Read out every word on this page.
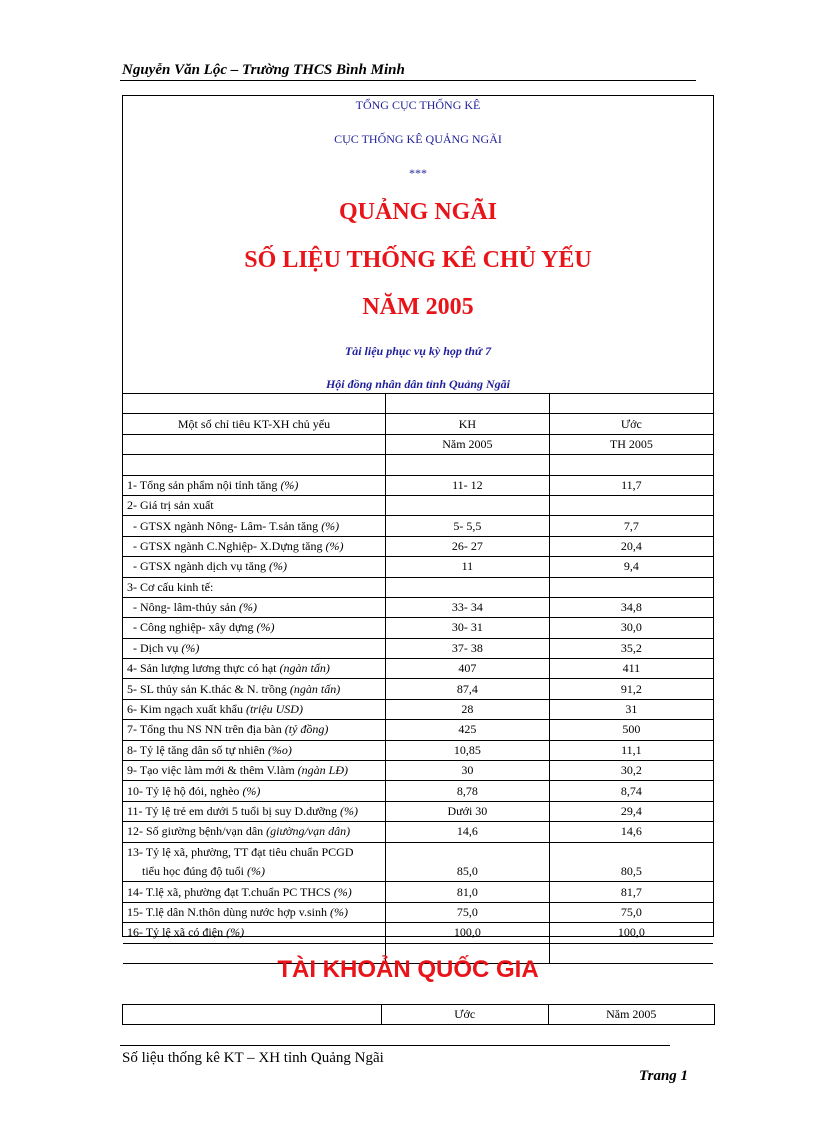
Nguyễn Văn Lộc – Trường THCS Bình Minh
TỔNG CỤC THỐNG KÊ
CỤC THỐNG KÊ QUẢNG NGÃI
***
QUẢNG NGÃI
SỐ LIỆU THỐNG KÊ CHỦ YẾU
NĂM 2005
Tài liệu phục vụ kỳ họp thứ 7
Hội đồng nhân dân tỉnh Quảng Ngãi

Một số chỉ tiêu KT-XH chủ yếu	KH	Ước
	Năm 2005	TH 2005

1- Tổng sản phẩm nội tỉnh tăng (%)	11- 12	11,7
2- Giá trị sản xuất		
- GTSX ngành Nông- Lâm- T.sản tăng (%)	5- 5,5	7,7
- GTSX ngành C.Nghiệp- X.Dựng tăng (%)	26- 27	20,4
- GTSX ngành dịch vụ tăng (%)	11	9,4
3- Cơ cấu kinh tế:		
- Nông- lâm-thủy sản (%)	33- 34	34,8
- Công nghiệp- xây dựng (%)	30- 31	30,0
- Dịch vụ (%)	37- 38	35,2
4- Sản lượng lương thực có hạt (ngàn tấn)	407	411
5- SL thủy sản K.thác & N. trồng (ngàn tấn)	87,4	91,2
6- Kim ngạch xuất khẩu (triệu USD)	28	31
7- Tổng thu NS NN trên địa bàn (tỷ đồng)	425	500
8- Tỷ lệ tăng dân số tự nhiên (%o)	10,85	11,1
9- Tạo việc làm mới & thêm V.làm (ngàn LĐ)	30	30,2
10- Tỷ lệ hộ đói, nghèo (%)	8,78	8,74
11- Tỷ lệ trẻ em dưới 5 tuổi bị suy D.dưỡng (%)	Dưới 30	29,4
12- Số giường bệnh/vạn dân (giường/vạn dân)	14,6	14,6
13- Tỷ lệ xã, phường, TT đạt tiêu chuẩn PCGD		
tiểu học đúng độ tuổi (%)	85,0	80,5
14- T.lệ xã, phường đạt T.chuẩn PC THCS (%)	81,0	81,7
15- T.lệ dân N.thôn dùng nước hợp v.sinh (%)	75,0	75,0
16- Tỷ lệ xã có điện (%)	100,0	100,0

TÀI KHOẢN QUỐC GIA
	Ước	Năm 2005
Số liệu thống kê KT – XH tỉnh Quảng Ngãi
Trang 1
